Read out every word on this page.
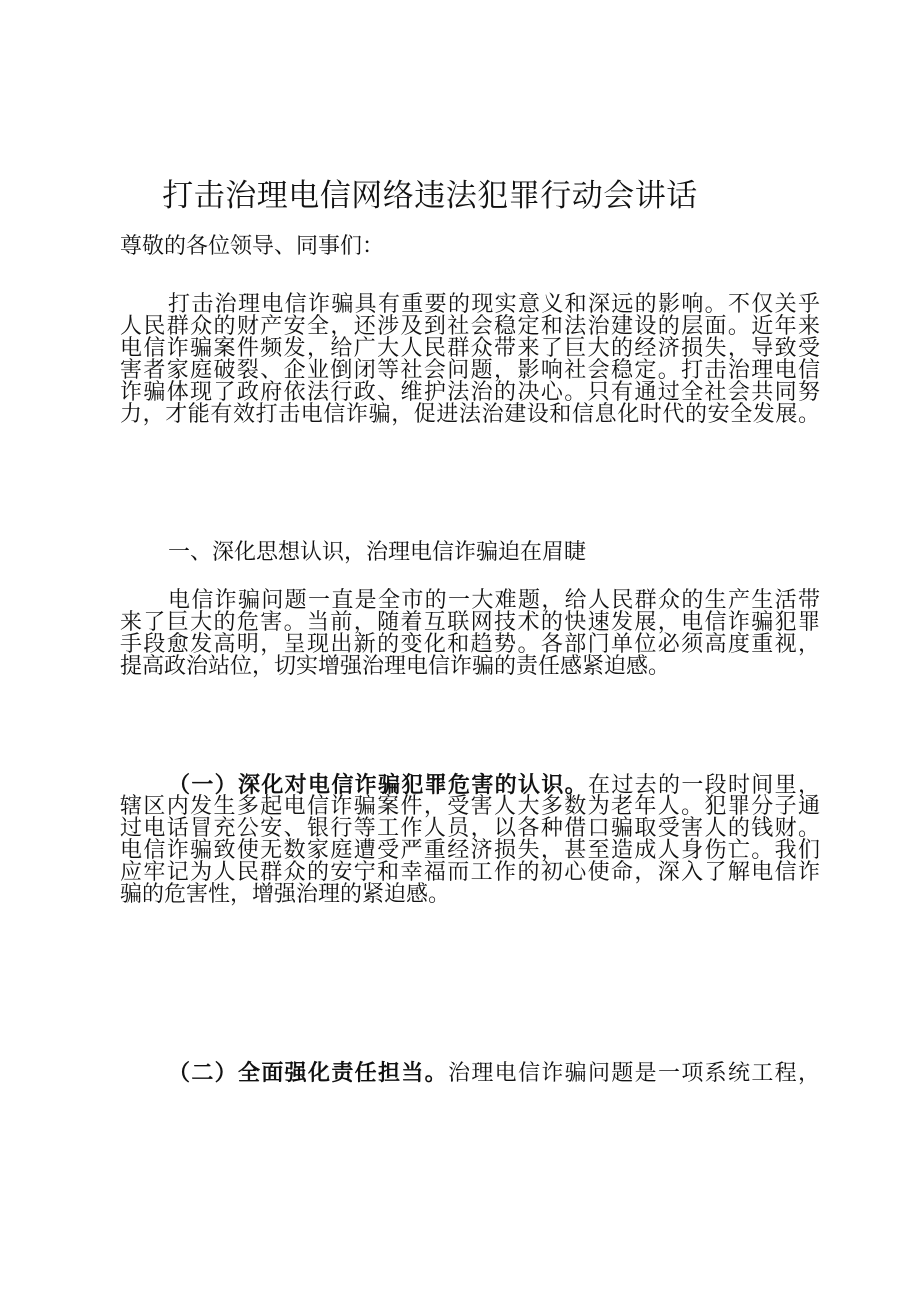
打击治理电信网络违法犯罪行动会讲话
尊敬的各位领导、同事们：
打击治理电信诈骗具有重要的现实意义和深远的影响。不仅关乎
人民群众的财产安全，还涉及到社会稳定和法治建设的层面。近年来
电信诈骗案件频发，给广大人民群众带来了巨大的经济损失，导致受
害者家庭破裂、企业倒闭等社会问题，影响社会稳定。打击治理电信
诈骗体现了政府依法行政、维护法治的决心。只有通过全社会共同努
力，才能有效打击电信诈骗，促进法治建设和信息化时代的安全发展。
一、深化思想认识，治理电信诈骗迫在眉睫
电信诈骗问题一直是全市的一大难题，给人民群众的生产生活带
来了巨大的危害。当前，随着互联网技术的快速发展，电信诈骗犯罪
手段愈发高明，呈现出新的变化和趋势。各部门单位必须高度重视，
提高政治站位，切实增强治理电信诈骗的责任感紧迫感。
（一）深化对电信诈骗犯罪危害的认识。在过去的一段时间里，
辖区内发生多起电信诈骗案件，受害人大多数为老年人。犯罪分子通
过电话冒充公安、银行等工作人员，以各种借口骗取受害人的钱财。
电信诈骗致使无数家庭遭受严重经济损失，甚至造成人身伤亡。我们
应牢记为人民群众的安宁和幸福而工作的初心使命，深入了解电信诈
骗的危害性，增强治理的紧迫感。
（二）全面强化责任担当。治理电信诈骗问题是一项系统工程，
